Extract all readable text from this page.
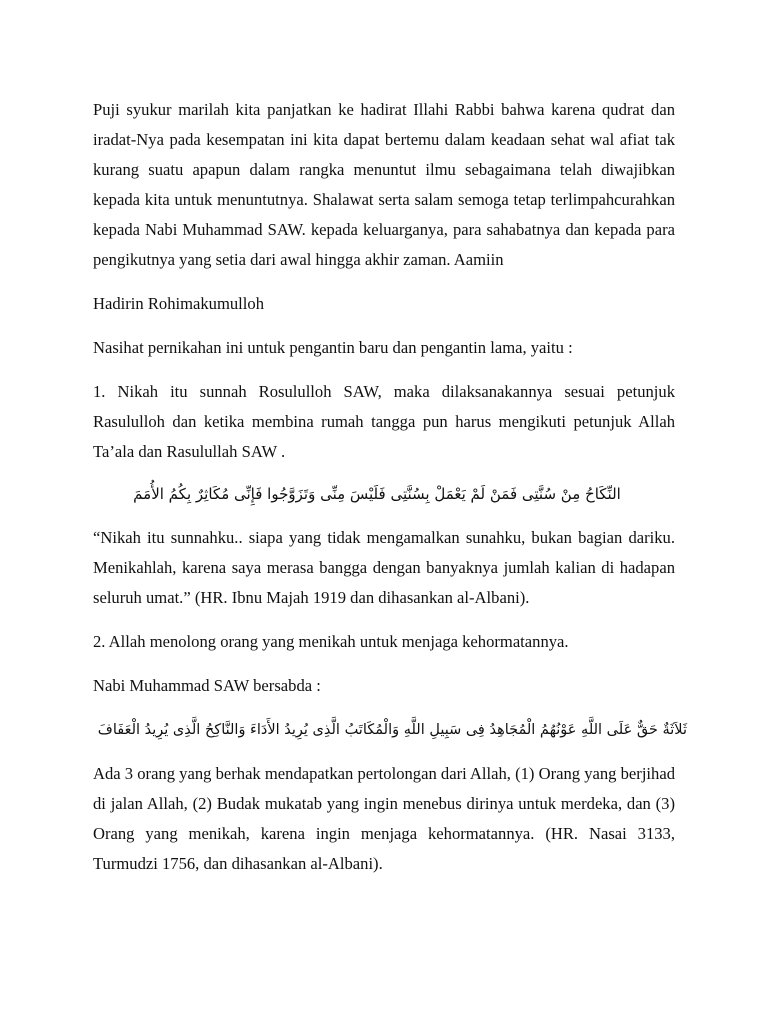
Puji syukur marilah kita panjatkan ke hadirat Illahi Rabbi bahwa karena qudrat dan iradat-Nya pada kesempatan ini kita dapat bertemu dalam keadaan sehat wal afiat tak kurang suatu apapun dalam rangka menuntut ilmu sebagaimana telah diwajibkan kepada kita untuk menuntutnya. Shalawat serta salam semoga tetap terlimpahcurahkan kepada Nabi Muhammad SAW. kepada keluarganya, para sahabatnya dan kepada para pengikutnya yang setia dari awal hingga akhir zaman. Aamiin

Hadirin Rohimakumulloh

Nasihat pernikahan ini untuk pengantin baru dan pengantin lama, yaitu :

1. Nikah itu sunnah Rosululloh SAW, maka dilaksanakannya sesuai petunjuk Rasululloh dan ketika membina rumah tangga pun harus mengikuti petunjuk Allah Ta’ala dan Rasulullah SAW .

النِّكَاحُ مِنْ سُنَّتِى فَمَنْ لَمْ يَعْمَلْ بِسُنَّتِى فَلَيْسَ مِنِّى وَتَزَوَّجُوا فَإِنِّى مُكَاثِرٌ بِكُمُ الأُمَمَ

“Nikah itu sunnahku.. siapa yang tidak mengamalkan sunahku, bukan bagian dariku. Menikahlah, karena saya merasa bangga dengan banyaknya jumlah kalian di hadapan seluruh umat.” (HR. Ibnu Majah 1919 dan dihasankan al-Albani).

2. Allah menolong orang yang menikah untuk menjaga kehormatannya.

Nabi Muhammad SAW bersabda :

ثَلاَثَةٌ حَقٌّ عَلَى اللَّهِ عَوْنُهُمُ الْمُجَاهِدُ فِى سَبِيلِ اللَّهِ وَالْمُكَاتَبُ الَّذِى يُرِيدُ الأَدَاءَ وَالنَّاكِحُ الَّذِى يُرِيدُ الْعَفَافَ

Ada 3 orang yang berhak mendapatkan pertolongan dari Allah, (1) Orang yang berjihad di jalan Allah, (2) Budak mukatab yang ingin menebus dirinya untuk merdeka, dan (3) Orang yang menikah, karena ingin menjaga kehormatannya. (HR. Nasai 3133, Turmudzi 1756, dan dihasankan al-Albani).
